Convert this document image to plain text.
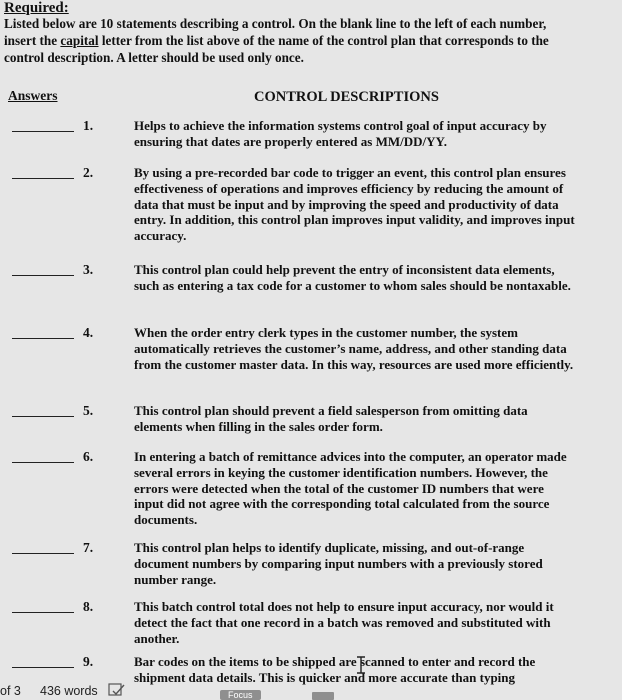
Required:
Listed below are 10 statements describing a control. On the blank line to the left of each number, insert the capital letter from the list above of the name of the control plan that corresponds to the control description. A letter should be used only once.
Answers	CONTROL DESCRIPTIONS
1.	Helps to achieve the information systems control goal of input accuracy by ensuring that dates are properly entered as MM/DD/YY.
2.	By using a pre-recorded bar code to trigger an event, this control plan ensures effectiveness of operations and improves efficiency by reducing the amount of data that must be input and by improving the speed and productivity of data entry. In addition, this control plan improves input validity, and improves input accuracy.
3.	This control plan could help prevent the entry of inconsistent data elements, such as entering a tax code for a customer to whom sales should be nontaxable.
4.	When the order entry clerk types in the customer number, the system automatically retrieves the customer’s name, address, and other standing data from the customer master data. In this way, resources are used more efficiently.
5.	This control plan should prevent a field salesperson from omitting data elements when filling in the sales order form.
6.	In entering a batch of remittance advices into the computer, an operator made several errors in keying the customer identification numbers. However, the errors were detected when the total of the customer ID numbers that were input did not agree with the corresponding total calculated from the source documents.
7.	This control plan helps to identify duplicate, missing, and out-of-range document numbers by comparing input numbers with a previously stored number range.
8.	This batch control total does not help to ensure input accuracy, nor would it detect the fact that one record in a batch was removed and substituted with another.
9.	Bar codes on the items to be shipped are scanned to enter and record the shipment data details. This is quicker and more accurate than typing
of 3 436 words	Focus
